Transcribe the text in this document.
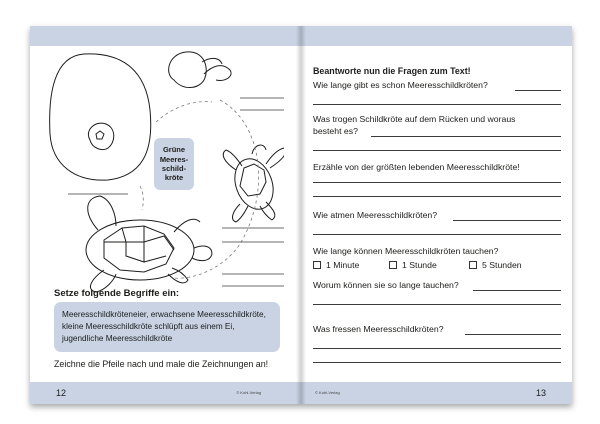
Grüne
Meeres-
schild-
kröte
Setze folgende Begriffe ein:
Meeresschildkröteneier, erwachsene Meeresschildkröte, kleine Meeresschildkröte schlüpft aus einem Ei, jugendliche Meeresschildkröte
Zeichne die Pfeile nach und male die Zeichnungen an!
12	© Kohl-Verlag
Beantworte nun die Fragen zum Text!
Wie lange gibt es schon Meeresschildkröten?
Was trogen Schildkröte auf dem Rücken und woraus
besteht es?
Erzähle von der größten lebenden Meeresschildkröte!
Wie atmen Meeresschildkröten?
Wie lange können Meeresschildkröten tauchen?
1 Minute	1 Stunde	5 Stunden
Worum können sie so lange tauchen?
Was fressen Meeresschildkröten?
13
© Kohl-Verlag
